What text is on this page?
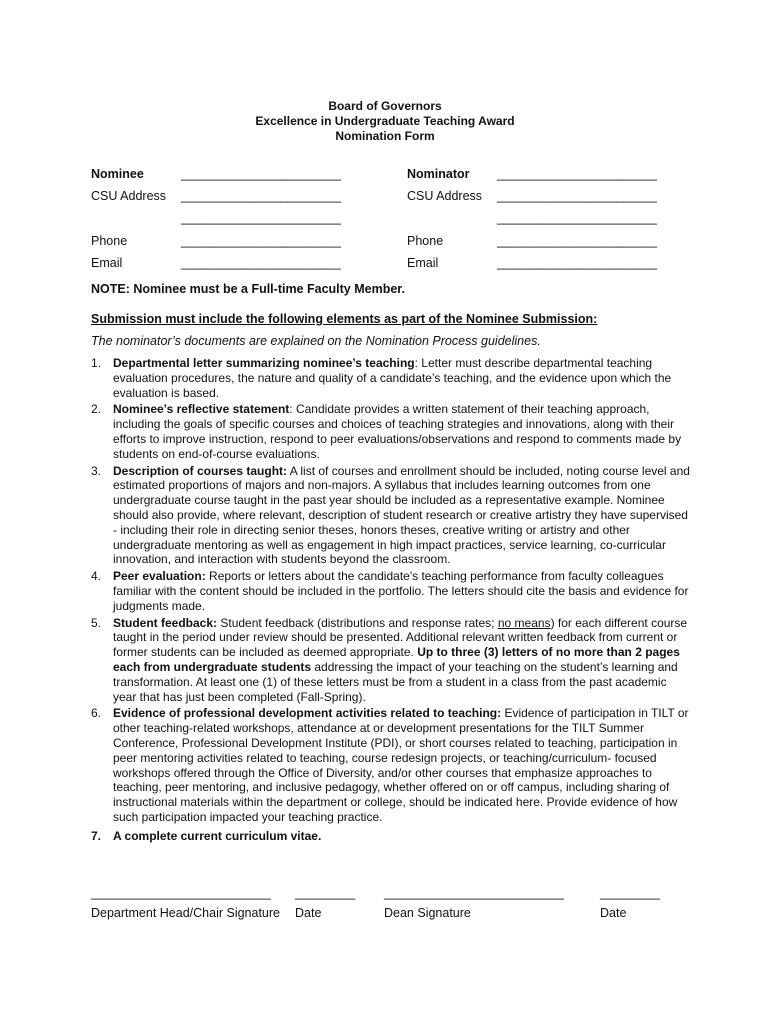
Board of Governors
Excellence in Undergraduate Teaching Award
Nomination Form
Nominee	________________________
CSU Address ________________________
________________________
Phone	________________________
Email	________________________
Nominator ________________________
CSU Address ________________________
________________________
Phone	________________________
Email	________________________
NOTE: Nominee must be a Full-time Faculty Member.
Submission must include the following elements as part of the Nominee Submission:
The nominator’s documents are explained on the Nomination Process guidelines.
1. Departmental letter summarizing nominee’s teaching: Letter must describe departmental teaching evaluation procedures, the nature and quality of a candidate’s teaching, and the evidence upon which the evaluation is based.
2. Nominee’s reflective statement: Candidate provides a written statement of their teaching approach, including the goals of specific courses and choices of teaching strategies and innovations, along with their efforts to improve instruction, respond to peer evaluations/observations and respond to comments made by students on end-of-course evaluations.
3. Description of courses taught: A list of courses and enrollment should be included, noting course level and estimated proportions of majors and non-majors. A syllabus that includes learning outcomes from one undergraduate course taught in the past year should be included as a representative example. Nominee should also provide, where relevant, description of student research or creative artistry they have supervised - including their role in directing senior theses, honors theses, creative writing or artistry and other undergraduate mentoring as well as engagement in high impact practices, service learning, co-curricular innovation, and interaction with students beyond the classroom.
4. Peer evaluation: Reports or letters about the candidate's teaching performance from faculty colleagues familiar with the content should be included in the portfolio. The letters should cite the basis and evidence for judgments made.
5. Student feedback: Student feedback (distributions and response rates; no means) for each different course taught in the period under review should be presented. Additional relevant written feedback from current or former students can be included as deemed appropriate. Up to three (3) letters of no more than 2 pages each from undergraduate students addressing the impact of your teaching on the student’s learning and transformation. At least one (1) of these letters must be from a student in a class from the past academic year that has just been completed (Fall-Spring).
6. Evidence of professional development activities related to teaching: Evidence of participation in TILT or other teaching-related workshops, attendance at or development presentations for the TILT Summer Conference, Professional Development Institute (PDI), or short courses related to teaching, participation in peer mentoring activities related to teaching, course redesign projects, or teaching/curriculum- focused workshops offered through the Office of Diversity, and/or other courses that emphasize approaches to teaching, peer mentoring, and inclusive pedagogy, whether offered on or off campus, including sharing of instructional materials within the department or college, should be indicated here. Provide evidence of how such participation impacted your teaching practice.
7. A complete current curriculum vitae.
___________________________ _________ ___________________________	_________
Department Head/Chair Signature Date	Dean Signature	Date
